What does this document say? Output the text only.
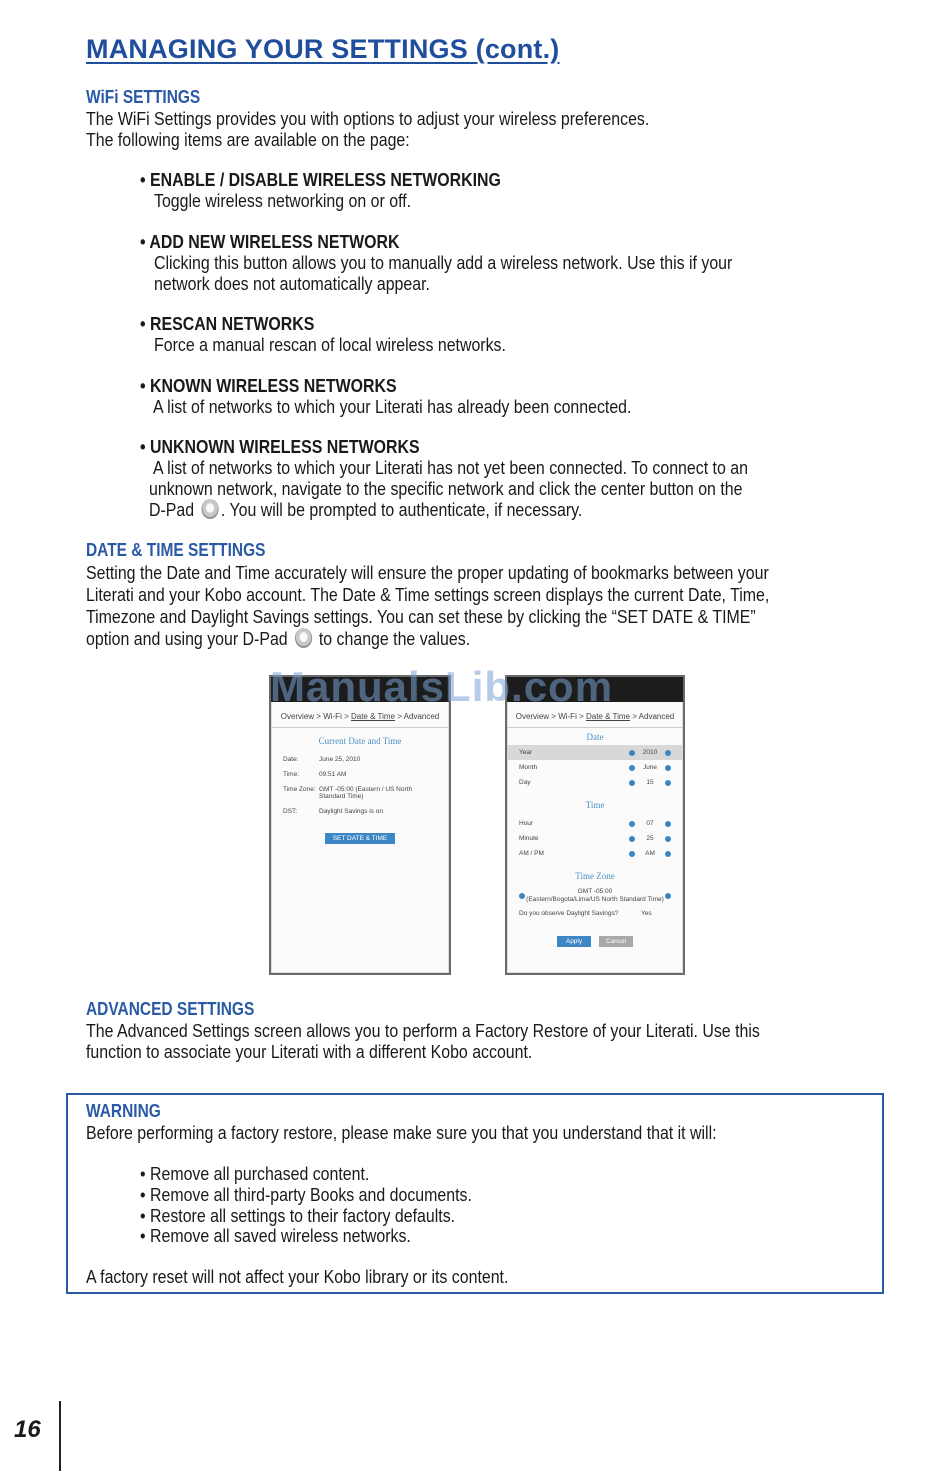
MANAGING YOUR SETTINGS (cont.)
WiFi SETTINGS

The WiFi Settings provides you with options to adjust your wireless preferences.

The following items are available on the page:

• ENABLE / DISABLE WIRELESS NETWORKING

Toggle wireless networking on or off.

• ADD NEW WIRELESS NETWORK

Clicking this button allows you to manually add a wireless network. Use this if your

network does not automatically appear.

• RESCAN NETWORKS

Force a manual rescan of local wireless networks.

• KNOWN WIRELESS NETWORKS

A list of networks to which your Literati has already been connected.

• UNKNOWN WIRELESS NETWORKS

A list of networks to which your Literati has not yet been connected. To connect to an

unknown network, navigate to the specific network and click the center button on the

D-Pad . You will be prompted to authenticate, if necessary.

DATE & TIME SETTINGS

Setting the Date and Time accurately will ensure the proper updating of bookmarks between your

Literati and your Kobo account. The Date & Time settings screen displays the current Date, Time,

Timezone and Daylight Savings settings. You can set these by clicking the “SET DATE & TIME”

option and using your D-Pad to change the values.

Overview > Wi-Fi > Date & Time > Advanced
Current Date and Time
Date:	June 25, 2010
Time:	09:51 AM
Time Zone: GMT -05:00 (Eastern / US North Standard Time)
DST:	Daylight Savings is on
SET DATE & TIME
Overview > Wi-Fi > Date & Time > Advanced
Date
Year	2010
Month	June
Day	15
Time
Hour	07
Minute	25
AM / PM	AM
Time Zone
GMT -05:00
(Eastern/Bogota/Lima/US North Standard Time)
Do you observe Daylight Savings?	Yes
Apply	Cancel
ManualsLib.com
ADVANCED SETTINGS

The Advanced Settings screen allows you to perform a Factory Restore of your Literati. Use this

function to associate your Literati with a different Kobo account.

WARNING

Before performing a factory restore, please make sure you that you understand that it will:

• Remove all purchased content.

• Remove all third-party Books and documents.

• Restore all settings to their factory defaults.

• Remove all saved wireless networks.

A factory reset will not affect your Kobo library or its content.

16
